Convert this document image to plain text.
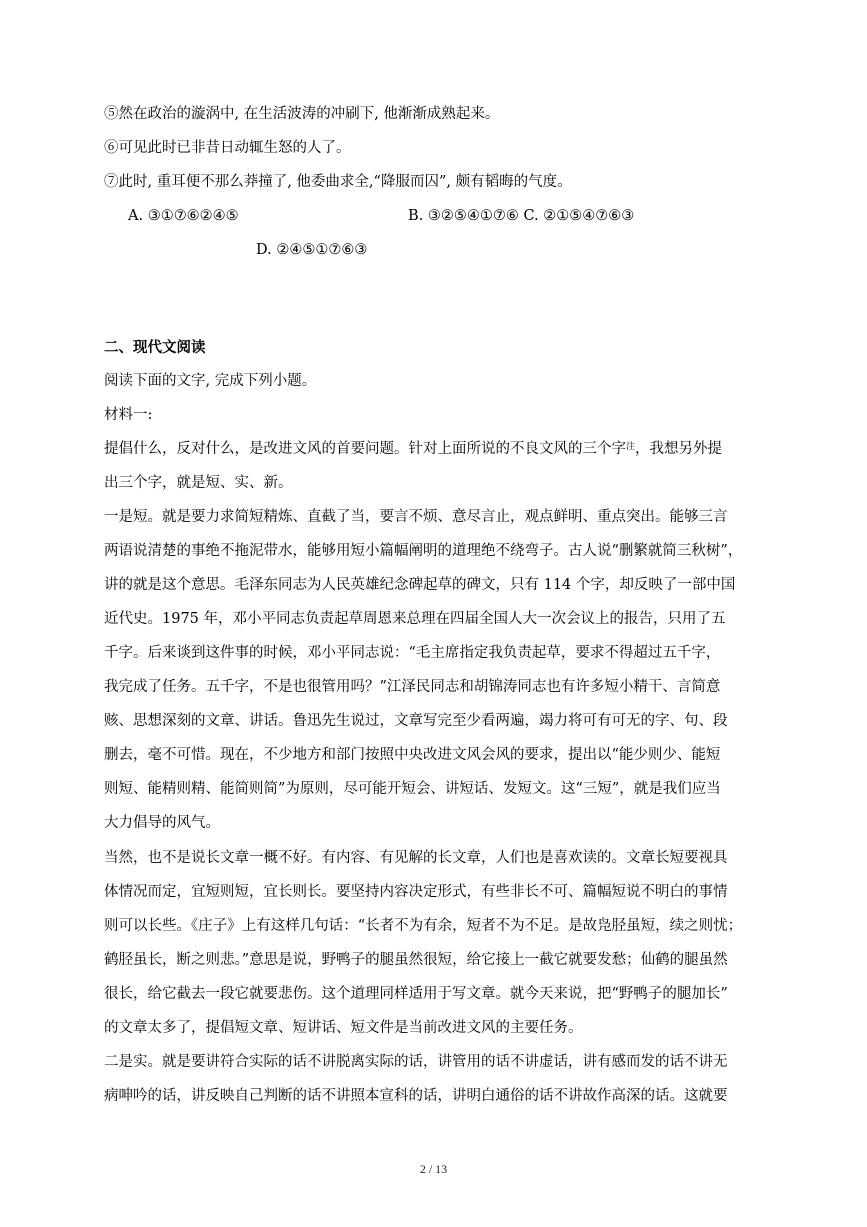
⑤然在政治的漩涡中, 在生活波涛的冲刷下, 他渐渐成熟起来。
⑥可见此时已非昔日动辄生怒的人了。
⑦此时, 重耳便不那么莽撞了, 他委曲求全,“降服而囚”, 颇有韬晦的气度。
A. ③①⑦⑥②④⑤	B. ③②⑤④①⑦⑥ C. ②①⑤④⑦⑥③
D. ②④⑤①⑦⑥③
二、现代文阅读
阅读下面的文字, 完成下列小题。
材料一:
提倡什么，反对什么，是改进文风的首要问题。针对上面所说的不良文风的三个字$^注$，我想另外提
出三个字，就是短、实、新。
一是短。就是要力求简短精炼、直截了当，要言不烦、意尽言止，观点鲜明、重点突出。能够三言
两语说清楚的事绝不拖泥带水，能够用短小篇幅阐明的道理绝不绕弯子。古人说“删繁就简三秋树”，
讲的就是这个意思。毛泽东同志为人民英雄纪念碑起草的碑文，只有 114 个字，却反映了一部中国
近代史。1975 年，邓小平同志负责起草周恩来总理在四届全国人大一次会议上的报告，只用了五
千字。后来谈到这件事的时候，邓小平同志说：“毛主席指定我负责起草，要求不得超过五千字，
我完成了任务。五千字，不是也很管用吗？”江泽民同志和胡锦涛同志也有许多短小精干、言简意
赅、思想深刻的文章、讲话。鲁迅先生说过，文章写完至少看两遍，竭力将可有可无的字、句、段
删去，毫不可惜。现在，不少地方和部门按照中央改进文风会风的要求，提出以“能少则少、能短
则短、能精则精、能简则简”为原则，尽可能开短会、讲短话、发短文。这“三短”，就是我们应当
大力倡导的风气。
当然，也不是说长文章一概不好。有内容、有见解的长文章，人们也是喜欢读的。文章长短要视具
体情况而定，宜短则短，宜长则长。要坚持内容决定形式，有些非长不可、篇幅短说不明白的事情
则可以长些。《庄子》上有这样几句话：“长者不为有余，短者不为不足。是故凫胫虽短，续之则忧；
鹤胫虽长，断之则悲。”意思是说，野鸭子的腿虽然很短，给它接上一截它就要发愁；仙鹤的腿虽然
很长，给它截去一段它就要悲伤。这个道理同样适用于写文章。就今天来说，把“野鸭子的腿加长”
的文章太多了，提倡短文章、短讲话、短文件是当前改进文风的主要任务。
二是实。就是要讲符合实际的话不讲脱离实际的话，讲管用的话不讲虚话，讲有感而发的话不讲无
病呻吟的话，讲反映自己判断的话不讲照本宣科的话，讲明白通俗的话不讲故作高深的话。这就要
2 / 13
